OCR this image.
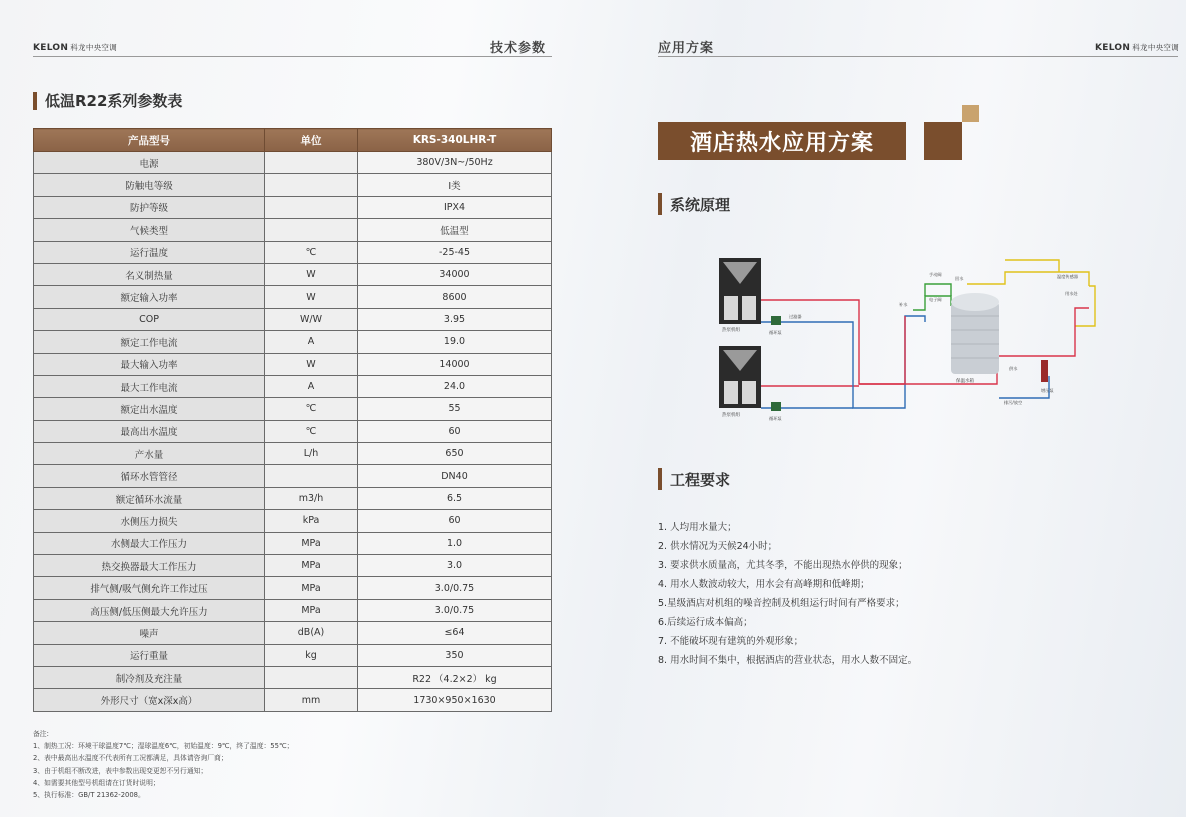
KELON 科龙中央空调	技术参数
低温R22系列参数表
产品型号	单位	KRS-340LHR-T
电源		380V/3N~/50Hz
防触电等级		I类
防护等级		IPX4
气候类型		低温型
运行温度	℃	-25-45
名义制热量	W	34000
额定输入功率	W	8600
COP	W/W	3.95
额定工作电流	A	19.0
最大输入功率	W	14000
最大工作电流	A	24.0
额定出水温度	℃	55
最高出水温度	℃	60
产水量	L/h	650
循环水管管径		DN40
额定循环水流量	m3/h	6.5
水侧压力损失	kPa	60
水侧最大工作压力	MPa	1.0
热交换器最大工作压力	MPa	3.0
排气侧/吸气侧允许工作过压	MPa	3.0/0.75
高压侧/低压侧最大允许压力	MPa	3.0/0.75
噪声	dB(A)	≤64
运行重量	kg	350
制冷剂及充注量		R22 （4.2×2） kg
外形尺寸（宽x深x高）	mm	1730×950×1630
备注:
1、制热工况：环境干球温度7℃；湿球温度6℃，初始温度：9℃，终了温度：55℃；
2、表中最高出水温度不代表所有工况都满足，具体请咨询厂商；
3、由于机组不断改进，表中参数出现变更恕不另行通知；
4、如需要其他型号机组请在订货时说明；
5、执行标准：GB/T 21362-2008。
应用方案	KELON 科龙中央空调
酒店热水应用方案
系统原理
热泵机组
热泵机组
保温水箱
循环泵
循环泵
过滤器
补水
回水
手动阀
电子阀
温度传感器
用水处
供水
增压泵
排污/放空
工程要求
1. 人均用水量大；
2. 供水情况为天候24小时；
3. 要求供水质量高，尤其冬季，不能出现热水停供的现象；
4. 用水人数波动较大，用水会有高峰期和低峰期；
5.星级酒店对机组的噪音控制及机组运行时间有严格要求；
6.后续运行成本偏高；
7. 不能破坏现有建筑的外观形象；
8. 用水时间不集中，根据酒店的营业状态，用水人数不固定。
